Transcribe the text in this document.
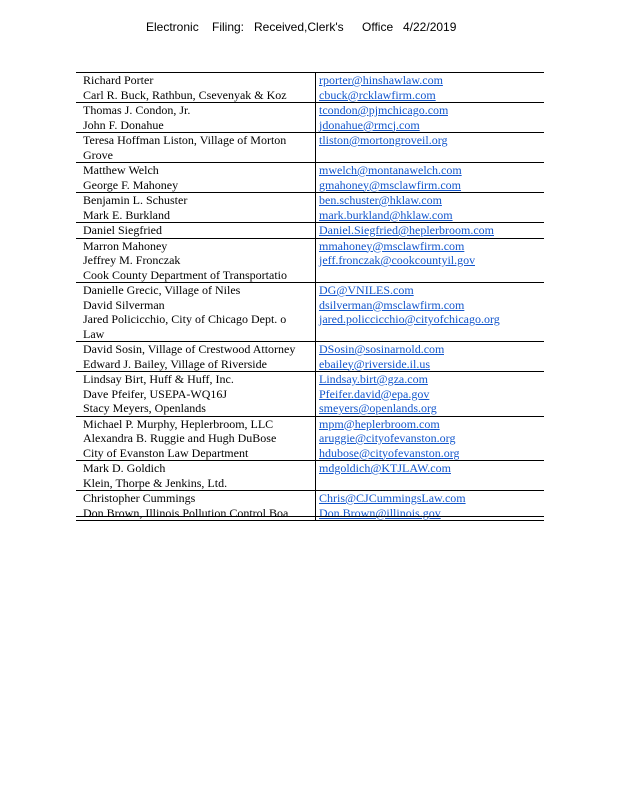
Electronic Filing: Received,Clerk's Office 4/22/2019
Richard Porter
Carl R. Buck, Rathbun, Csevenyak & Koz
rporter@hinshawlaw.com
cbuck@rcklawfirm.com
Thomas J. Condon, Jr.
John F. Donahue
tcondon@pjmchicago.com
jdonahue@rmcj.com
Teresa Hoffman Liston, Village of Morton
Grove
tliston@mortongroveil.org
Matthew Welch
George F. Mahoney
mwelch@montanawelch.com
gmahoney@msclawfirm.com
Benjamin L. Schuster
Mark E. Burkland
ben.schuster@hklaw.com
mark.burkland@hklaw.com
Daniel Siegfried	Daniel.Siegfried@heplerbroom.com
Marron Mahoney
Jeffrey M. Fronczak
Cook County Department of Transportatio
mmahoney@msclawfirm.com
jeff.fronczak@cookcountyil.gov
Danielle Grecic, Village of Niles
David Silverman
Jared Policicchio, City of Chicago Dept. o
Law
DG@VNILES.com
dsilverman@msclawfirm.com
jared.policcicchio@cityofchicago.org
David Sosin, Village of Crestwood Attorney
Edward J. Bailey, Village of Riverside
DSosin@sosinarnold.com
ebailey@riverside.il.us
Lindsay Birt, Huff & Huff, Inc.
Dave Pfeifer, USEPA-WQ16J
Stacy Meyers, Openlands
Lindsay.birt@gza.com
Pfeifer.david@epa.gov
smeyers@openlands.org
Michael P. Murphy, Heplerbroom, LLC
Alexandra B. Ruggie and Hugh DuBose
City of Evanston Law Department
mpm@heplerbroom.com
aruggie@cityofevanston.org
hdubose@cityofevanston.org
Mark D. Goldich
Klein, Thorpe & Jenkins, Ltd.
mdgoldich@KTJLAW.com
Christopher Cummings
Don Brown, Illinois Pollution Control Boa
Chris@CJCummingsLaw.com
Don.Brown@illinois.gov
